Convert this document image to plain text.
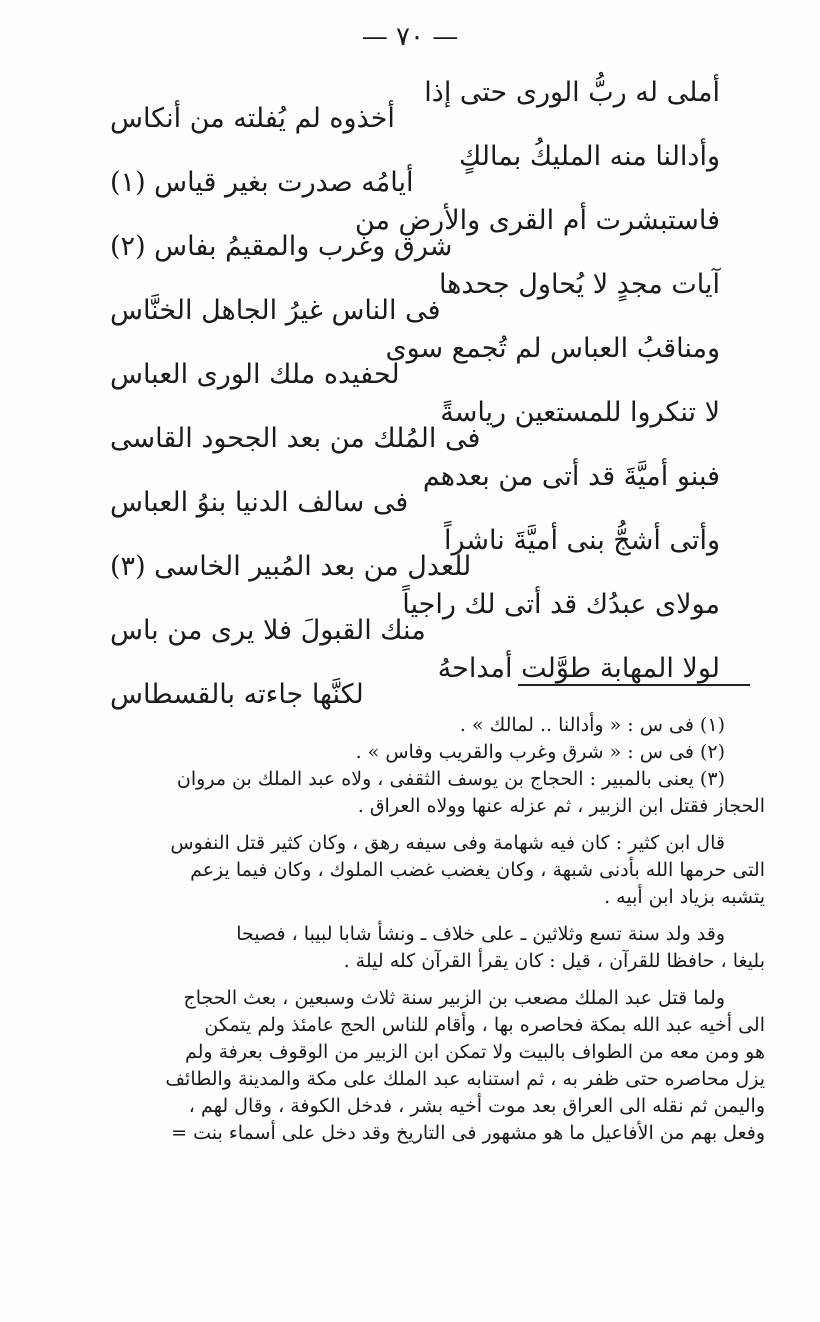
— ٧٠ —
أملى له ربُّ الورى حتى إذا
أخذوه لم يُفلته من أنكاس
وأدالنا منه المليكُ بمالكٍ
أيامُه صدرت بغير قياس (١)
فاستبشرت أم القرى والأرض من
شرق وغرب والمقيمُ بفاس (٢)
آيات مجدٍ لا يُحاول جحدها
فى الناس غيرُ الجاهل الخنَّاس
ومناقبُ العباس لم تُجمع سوى
لحفيده ملك الورى العباس
لا تنكروا للمستعين رياسةً
فى المُلك من بعد الجحود القاسى
فبنو أميَّةَ قد أتى من بعدهم
فى سالف الدنيا بنوُ العباس
وأتى أشجُّ بنى أميَّةَ ناشراً
للعدل من بعد المُبير الخاسى (٣)
مولاى عبدُك قد أتى لك راجياً
منك القبولَ فلا يرى من باس
لولا المهابة طوَّلت أمداحهُ
لكنَّها جاءته بالقسطاس
(١) فى س : « وأدالنا .. لمالك » .
(٢) فى س : « شرق وغرب والقريب وفاس » .
(٣) يعنى بالمبير : الحجاج بن يوسف الثقفى ، ولاه عبد الملك بن مروان
الحجاز فقتل ابن الزبير ، ثم عزله عنها وولاه العراق .
قال ابن كثير : كان فيه شهامة وفى سيفه رهق ، وكان كثير قتل النفوس
التى حرمها الله بأدنى شبهة ، وكان يغضب غضب الملوك ، وكان فيما يزعم
يتشبه بزياد ابن أبيه .
وقد ولد سنة تسع وثلاثين ـ على خلاف ـ ونشأ شابا لبيبا ، فصيحا
بليغا ، حافظا للقرآن ، قيل : كان يقرأ القرآن كله ليلة .
ولما قتل عبد الملك مصعب بن الزبير سنة ثلاث وسبعين ، بعث الحجاج
الى أخيه عبد الله بمكة فحاصره بها ، وأقام للناس الحج عامئذ ولم يتمكن
هو ومن معه من الطواف بالبيت ولا تمكن ابن الزبير من الوقوف بعرفة ولم
يزل محاصره حتى ظفر به ، ثم استنابه عبد الملك على مكة والمدينة والطائف
واليمن ثم نقله الى العراق بعد موت أخيه بشر ، فدخل الكوفة ، وقال لهم ،
وفعل بهم من الأفاعيل ما هو مشهور فى التاريخ وقد دخل على أسماء بنت =
